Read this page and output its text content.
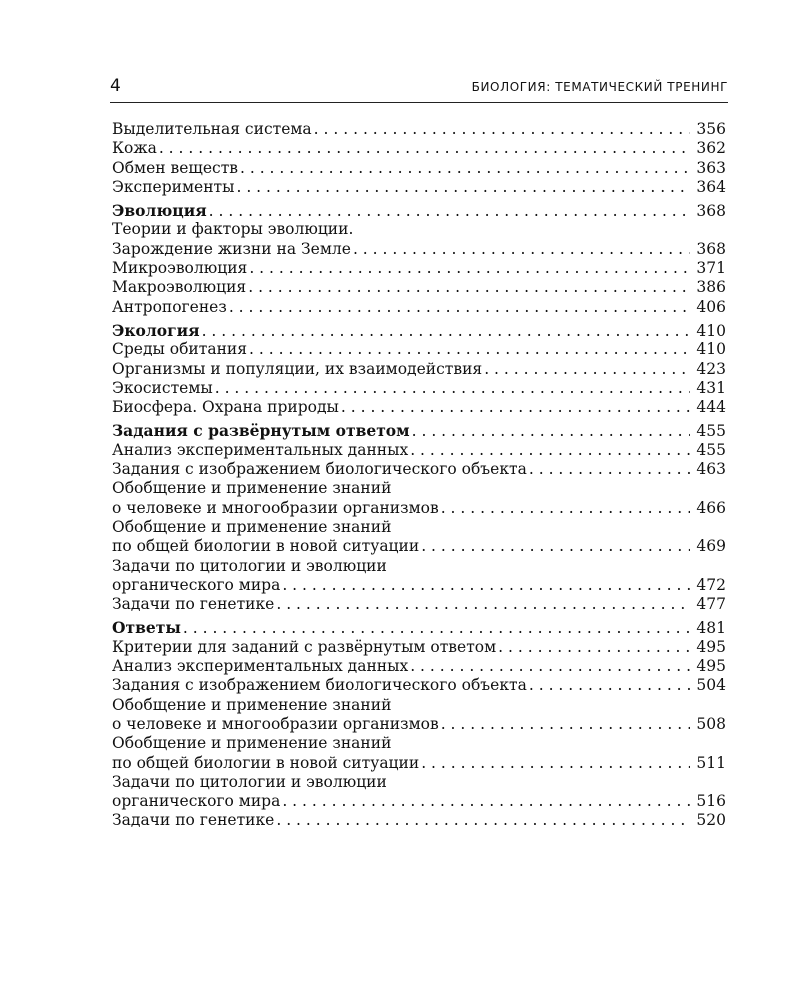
4	БИОЛОГИЯ: ТЕМАТИЧЕСКИЙ ТРЕНИНГ
Выделительная система . . .	356
Кожа . . .	362
Обмен веществ . . .	363
Эксперименты . . .	364
Эволюция . . .	368
Теории и факторы эволюции.
Зарождение жизни на Земле . . .	368
Микроэволюция . . .	371
Макроэволюция . . .	386
Антропогенез . . .	406
Экология . . .	410
Среды обитания . . .	410
Организмы и популяции, их взаимодействия . . .	423
Экосистемы . . .	431
Биосфера. Охрана природы . . .	444
Задания с развёрнутым ответом . . .	455
Анализ экспериментальных данных . . .	455
Задания с изображением биологического объекта . . .	463
Обобщение и применение знаний
о человеке и многообразии организмов . . .	466
Обобщение и применение знаний
по общей биологии в новой ситуации . . .	469
Задачи по цитологии и эволюции
органического мира . . .	472
Задачи по генетике . . .	477
Ответы . . .	481
Критерии для заданий с развёрнутым ответом . . .	495
Анализ экспериментальных данных . . .	495
Задания с изображением биологического объекта . . .	504
Обобщение и применение знаний
о человеке и многообразии организмов . . .	508
Обобщение и применение знаний
по общей биологии в новой ситуации . . .	511
Задачи по цитологии и эволюции
органического мира . . .	516
Задачи по генетике . . .	520
